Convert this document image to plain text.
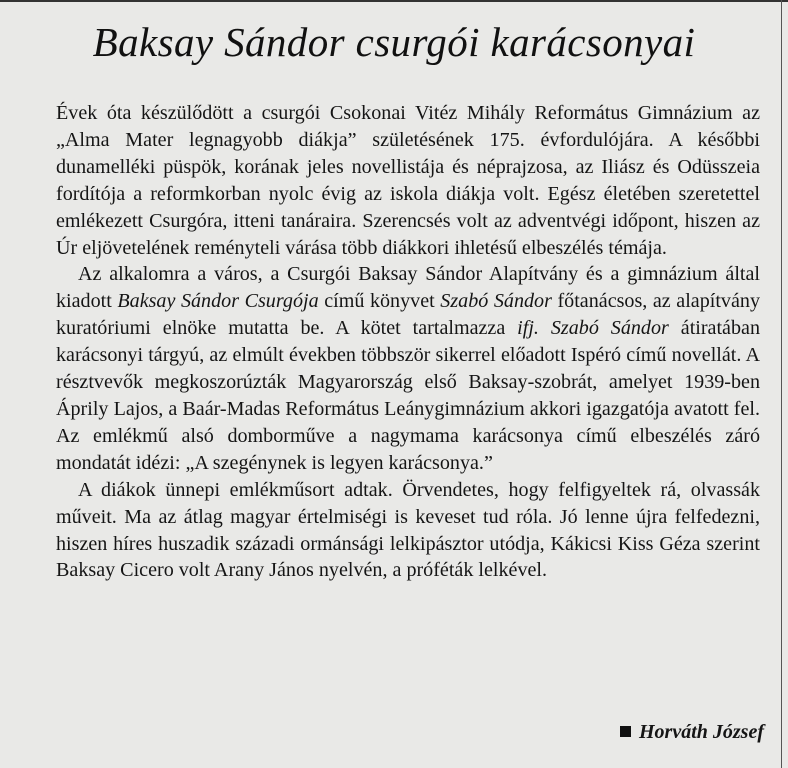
Baksay Sándor csurgói karácsonyai

Évek óta készülődött a csurgói Csokonai Vitéz Mihály Református Gimnázium az „Alma Mater legnagyobb diákja” születésének 175. évfordulójára. A későbbi dunamelléki püspök, korának jeles novellistája és néprajzosa, az Iliász és Odüsszeia fordítója a reformkorban nyolc évig az iskola diákja volt. Egész életében szeretettel emlékezett Csurgóra, itteni tanáraira. Szerencsés volt az adventvégi időpont, hiszen az Úr eljövetelének reményteli várása több diákkori ihletésű elbeszélés témája.

Az alkalomra a város, a Csurgói Baksay Sándor Alapítvány és a gimnázium által kiadott Baksay Sándor Csurgója című könyvet Szabó Sándor főtanácsos, az alapítvány kuratóriumi elnöke mutatta be. A kötet tartalmazza ifj. Szabó Sándor átiratában karácsonyi tárgyú, az elmúlt években többször sikerrel előadott Ispéró című novellát. A résztvevők megkoszorúzták Magyarország első Baksay-szobrát, amelyet 1939-ben Áprily Lajos, a Baár-Madas Református Leánygimnázium akkori igazgatója avatott fel. Az emlékmű alsó domborműve a nagymama karácsonya című elbeszélés záró mondatát idézi: „A szegénynek is legyen karácsonya.”

A diákok ünnepi emlékműsort adtak. Örvendetes, hogy felfigyeltek rá, olvassák műveit. Ma az átlag magyar értelmiségi is keveset tud róla. Jó lenne újra felfedezni, hiszen híres huszadik századi ormánsági lelkipásztor utódja, Kákicsi Kiss Géza szerint Baksay Cicero volt Arany János nyelvén, a próféták lelkével.

Horváth József
